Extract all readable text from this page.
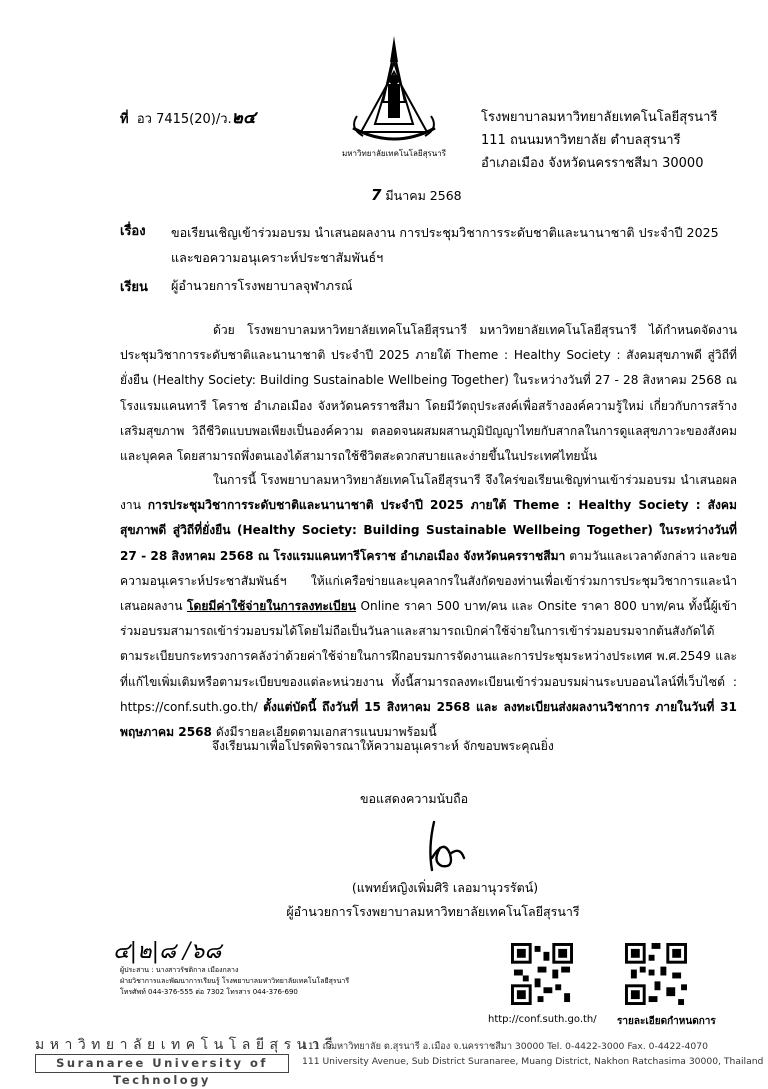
มหาวิทยาลัยเทคโนโลยีสุรนารี
ที่ อว 7415(20)/ว.๒๔	โรงพยาบาลมหาวิทยาลัยเทคโนโลยีสุรนารี
111 ถนนมหาวิทยาลัย ตำบลสุรนารี
อำเภอเมือง จังหวัดนครราชสีมา 30000
7 มีนาคม 2568
เรื่อง ขอเรียนเชิญเข้าร่วมอบรม นำเสนอผลงาน การประชุมวิชาการระดับชาติและนานาชาติ ประจำปี 2025 และขอความอนุเคราะห์ประชาสัมพันธ์ฯ
เรียน ผู้อำนวยการโรงพยาบาลจุฬาภรณ์

ด้วย โรงพยาบาลมหาวิทยาลัยเทคโนโลยีสุรนารี มหาวิทยาลัยเทคโนโลยีสุรนารี ได้กำหนดจัดงานประชุมวิชาการระดับชาติและนานาชาติ ประจำปี 2025 ภายใต้ Theme : Healthy Society : สังคมสุขภาพดี สู่วิถีที่ยั่งยืน (Healthy Society: Building Sustainable Wellbeing Together) ในระหว่างวันที่ 27 - 28 สิงหาคม 2568 ณ โรงแรมแคนทารี โคราช อำเภอเมือง จังหวัดนครราชสีมา โดยมีวัตถุประสงค์เพื่อสร้างองค์ความรู้ใหม่ เกี่ยวกับการสร้างเสริมสุขภาพ วิถีชีวิตแบบพอเพียงเป็นองค์ความ ตลอดจนผสมผสานภูมิปัญญาไทยกับสากลในการดูแลสุขภาวะของสังคมและบุคคล โดยสามารถพึ่งตนเองได้สามารถใช้ชีวิตสะดวกสบายและง่ายขึ้นในประเทศไทยนั้น

ในการนี้ โรงพยาบาลมหาวิทยาลัยเทคโนโลยีสุรนารี จึงใคร่ขอเรียนเชิญท่านเข้าร่วมอบรม นำเสนอผลงาน การประชุมวิชาการระดับชาติและนานาชาติ ประจำปี 2025 ภายใต้ Theme : Healthy Society : สังคมสุขภาพดี สู่วิถีที่ยั่งยืน (Healthy Society: Building Sustainable Wellbeing Together) ในระหว่างวันที่ 27 - 28 สิงหาคม 2568 ณ โรงแรมแคนทารีโคราช อำเภอเมือง จังหวัดนครราชสีมา ตามวันและเวลาดังกล่าว และขอความอนุเคราะห์ประชาสัมพันธ์ฯ ให้แก่เครือข่ายและบุคลากรในสังกัดของท่านเพื่อเข้าร่วมการประชุมวิชาการและนำเสนอผลงาน โดยมีค่าใช้จ่ายในการลงทะเบียน Online ราคา 500 บาท/คน และ Onsite ราคา 800 บาท/คน ทั้งนี้ผู้เข้าร่วมอบรมสามารถเข้าร่วมอบรมได้โดยไม่ถือเป็นวันลาและสามารถเบิกค่าใช้จ่ายในการเข้าร่วมอบรมจากต้นสังกัดได้ตามระเบียบกระทรวงการคลังว่าด้วยค่าใช้จ่ายในการฝึกอบรมการจัดงานและการประชุมระหว่างประเทศ พ.ศ.2549 และที่แก้ไขเพิ่มเติมหรือตามระเบียบของแต่ละหน่วยงาน ทั้งนี้สามารถลงทะเบียนเข้าร่วมอบรมผ่านระบบออนไลน์ที่เว็บไซต์ : https://conf.suth.go.th/ ตั้งแต่บัดนี้ ถึงวันที่ 15 สิงหาคม 2568 และ ลงทะเบียนส่งผลงานวิชาการ ภายในวันที่ 31 พฤษภาคม 2568 ดังมีรายละเอียดตามเอกสารแนบมาพร้อมนี้

จึงเรียนมาเพื่อโปรดพิจารณาให้ความอนุเคราะห์ จักขอบพระคุณยิ่ง
ขอแสดงความนับถือ
(แพทย์หญิงเพิ่มศิริ เลอมานุวรรัตน์)
ผู้อำนวยการโรงพยาบาลมหาวิทยาลัยเทคโนโลยีสุรนารี
๔|๒|๘ /๖๘
ผู้ประสาน : นางสาวรัชติกาล เมืองกลาง
ฝ่ายวิชาการและพัฒนาการเรียนรู้ โรงพยาบาลมหาวิทยาลัยเทคโนโลยีสุรนารี
โทรศัพท์ 044-376-555 ต่อ 7302 โทรสาร 044-376-690
http://conf.suth.go.th/ รายละเอียดกำหนดการ
มหาวิทยาลัยเทคโนโลยีสุรนารี
Suranaree University of Technology
111 ถ.มหาวิทยาลัย ต.สุรนารี อ.เมือง จ.นครราชสีมา 30000 Tel. 0-4422-3000 Fax. 0-4422-4070
111 University Avenue, Sub District Suranaree, Muang District, Nakhon Ratchasima 30000, Thailand
